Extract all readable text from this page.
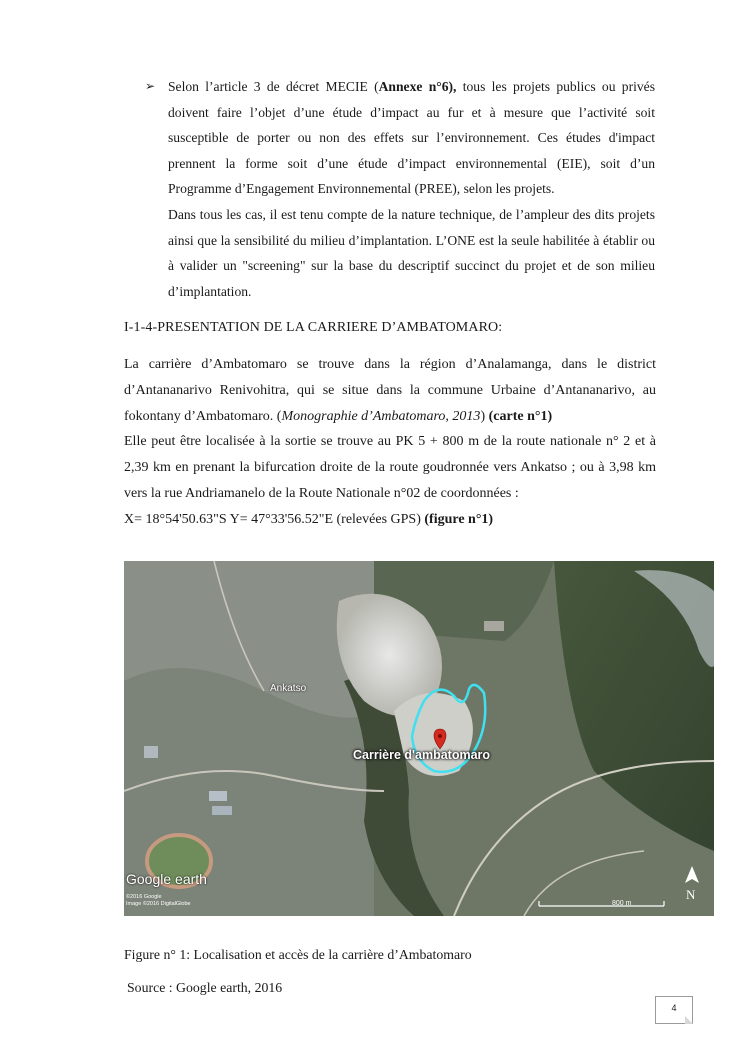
➢ Selon l’article 3 de décret MECIE (Annexe n°6), tous les projets publics ou privés doivent faire l’objet d’une étude d’impact au fur et à mesure que l’activité soit susceptible de porter ou non des effets sur l’environnement. Ces études d'impact prennent la forme soit d’une étude d’impact environnemental (EIE), soit d’un Programme d’Engagement Environnemental (PREE), selon les projets.

Dans tous les cas, il est tenu compte de la nature technique, de l’ampleur des dits projets ainsi que la sensibilité du milieu d’implantation. L’ONE est la seule habilitée à établir ou à valider un "screening" sur la base du descriptif succinct du projet et de son milieu d’implantation.

I-1-4-PRESENTATION DE LA CARRIERE D’AMBATOMARO:

La carrière d’Ambatomaro se trouve dans la région d’Analamanga, dans le district d’Antananarivo Renivohitra, qui se situe dans la commune Urbaine d’Antananarivo, au fokontany d’Ambatomaro. (Monographie d’Ambatomaro, 2013) (carte n°1)

Elle peut être localisée à la sortie se trouve au PK 5 + 800 m de la route nationale n° 2 et à 2,39 km en prenant la bifurcation droite de la route goudronnée vers Ankatso ; ou à 3,98 km vers la rue Andriamanelo de la Route Nationale n°02 de coordonnées :

X= 18°54'50.63"S Y= 47°33'56.52"E (relevées GPS) (figure n°1)

Ankatso
Carrière d'ambatomaro
Google earth
©2016 Google
Image ©2016 DigitalGlobe	800 m
N
Figure n° 1: Localisation et accès de la carrière d’Ambatomaro
Source : Google earth, 2016
4
